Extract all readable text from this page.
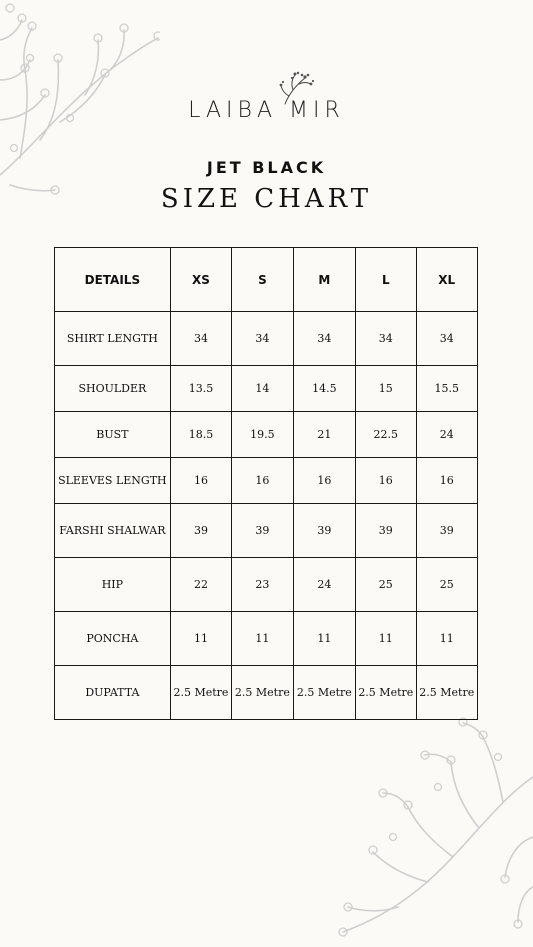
LAIBA MIR
JET BLACK
SIZE CHART
DETAILS	XS	S	M	L	XL
SHIRT LENGTH	34	34	34	34	34
SHOULDER	13.5	14	14.5	15	15.5
BUST	18.5	19.5	21	22.5	24
SLEEVES LENGTH	16	16	16	16	16
FARSHI SHALWAR	39	39	39	39	39
HIP	22	23	24	25	25
PONCHA	11	11	11	11	11
DUPATTA	2.5 Metre	2.5 Metre	2.5 Metre	2.5 Metre	2.5 Metre
